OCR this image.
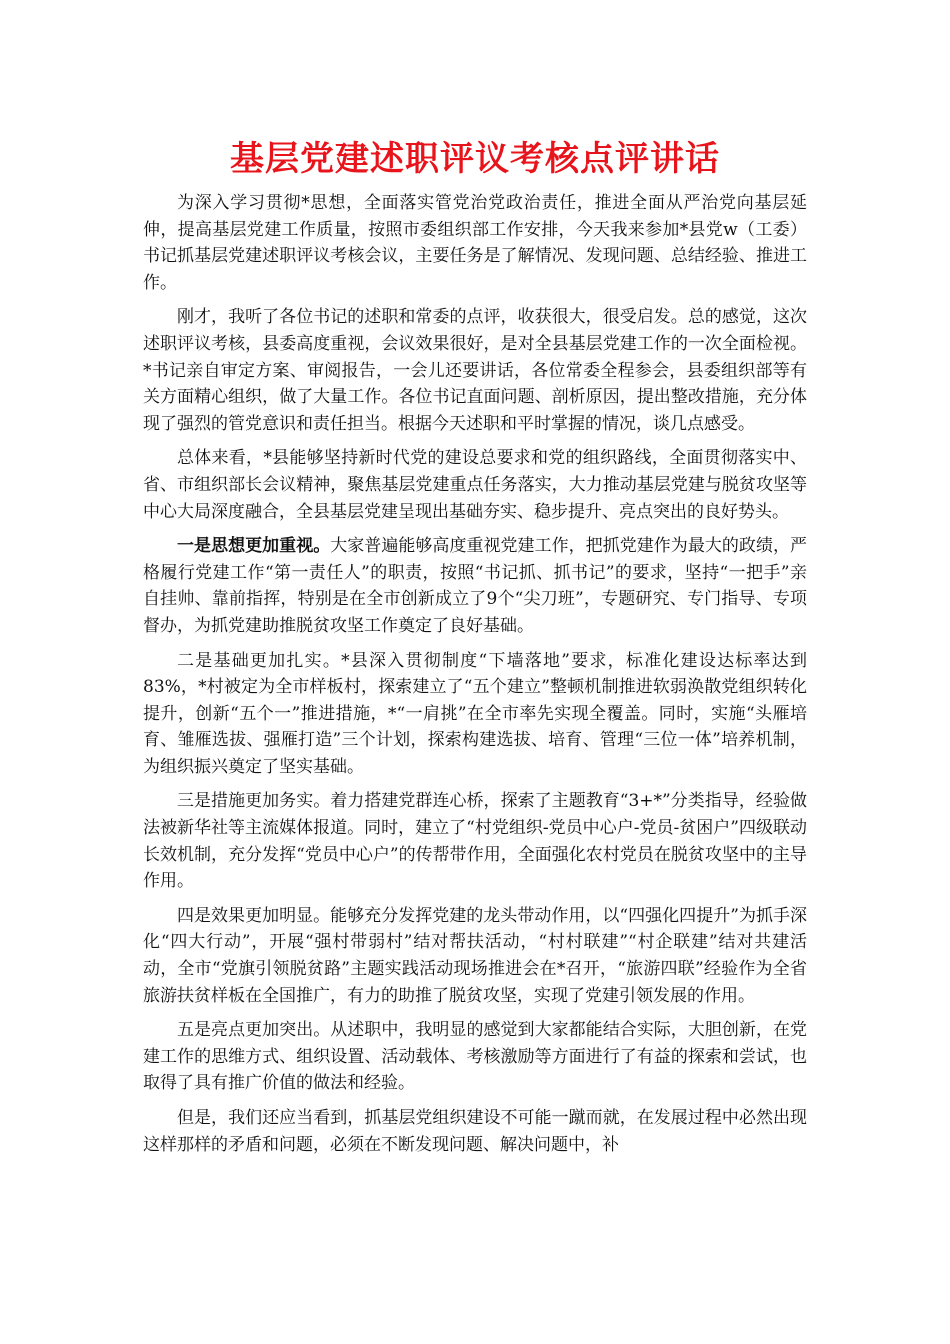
基层党建述职评议考核点评讲话

为深入学习贯彻*思想，全面落实管党治党政治责任，推进全面从严治党向基层延伸，提高基层党建工作质量，按照市委组织部工作安排，今天我来参加*县党w（工委）书记抓基层党建述职评议考核会议，主要任务是了解情况、发现问题、总结经验、推进工作。

刚才，我听了各位书记的述职和常委的点评，收获很大，很受启发。总的感觉，这次述职评议考核，县委高度重视，会议效果很好，是对全县基层党建工作的一次全面检视。*书记亲自审定方案、审阅报告，一会儿还要讲话，各位常委全程参会，县委组织部等有关方面精心组织，做了大量工作。各位书记直面问题、剖析原因，提出整改措施，充分体现了强烈的管党意识和责任担当。根据今天述职和平时掌握的情况，谈几点感受。

总体来看，*县能够坚持新时代党的建设总要求和党的组织路线，全面贯彻落实中、省、市组织部长会议精神，聚焦基层党建重点任务落实，大力推动基层党建与脱贫攻坚等中心大局深度融合，全县基层党建呈现出基础夯实、稳步提升、亮点突出的良好势头。

一是思想更加重视。大家普遍能够高度重视党建工作，把抓党建作为最大的政绩，严格履行党建工作“第一责任人”的职责，按照“书记抓、抓书记”的要求，坚持“一把手”亲自挂帅、靠前指挥，特别是在全市创新成立了9个“尖刀班”，专题研究、专门指导、专项督办，为抓党建助推脱贫攻坚工作奠定了良好基础。

二是基础更加扎实。*县深入贯彻制度“下墙落地”要求，标准化建设达标率达到83%，*村被定为全市样板村，探索建立了“五个建立”整顿机制推进软弱涣散党组织转化提升，创新“五个一”推进措施，*“一肩挑”在全市率先实现全覆盖。同时，实施“头雁培育、雏雁选拔、强雁打造”三个计划，探索构建选拔、培育、管理“三位一体”培养机制，为组织振兴奠定了坚实基础。

三是措施更加务实。着力搭建党群连心桥，探索了主题教育“3+*”分类指导，经验做法被新华社等主流媒体报道。同时，建立了“村党组织-党员中心户-党员-贫困户”四级联动长效机制，充分发挥“党员中心户”的传帮带作用，全面强化农村党员在脱贫攻坚中的主导作用。

四是效果更加明显。能够充分发挥党建的龙头带动作用，以“四强化四提升”为抓手深化“四大行动”，开展“强村带弱村”结对帮扶活动，“村村联建”“村企联建”结对共建活动，全市“党旗引领脱贫路”主题实践活动现场推进会在*召开，“旅游四联”经验作为全省旅游扶贫样板在全国推广，有力的助推了脱贫攻坚，实现了党建引领发展的作用。

五是亮点更加突出。从述职中，我明显的感觉到大家都能结合实际，大胆创新，在党建工作的思维方式、组织设置、活动载体、考核激励等方面进行了有益的探索和尝试，也取得了具有推广价值的做法和经验。

但是，我们还应当看到，抓基层党组织建设不可能一蹴而就，在发展过程中必然出现这样那样的矛盾和问题，必须在不断发现问题、解决问题中，补
